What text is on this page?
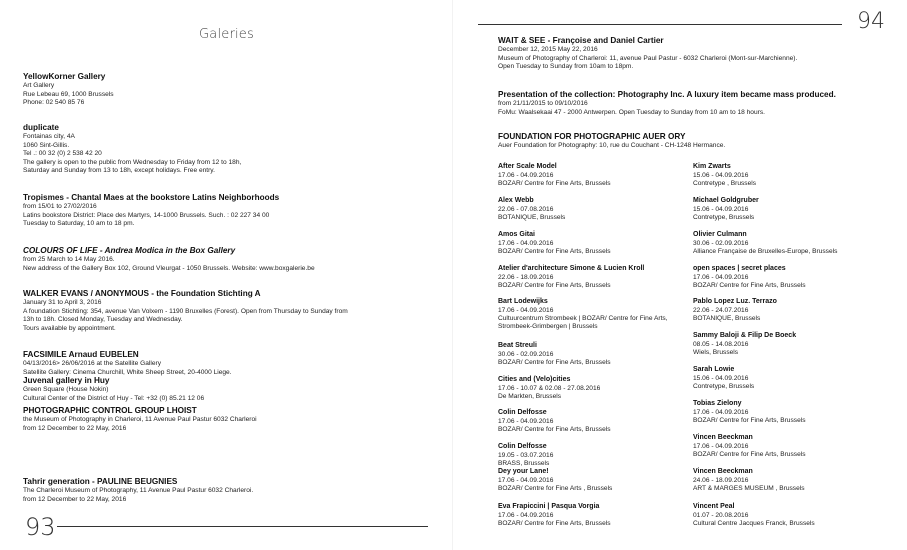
Galeries
YellowKorner Gallery
Art Gallery
Rue Lebeau 69, 1000 Brussels
Phone: 02 540 85 76
duplicate
Fontainas city, 4A
1060 Sint-Gillis.
Tel .: 00 32 (0) 2 538 42 20
The gallery is open to the public from Wednesday to Friday from 12 to 18h,
Saturday and Sunday from 13 to 18h, except holidays. Free entry.
Tropismes - Chantal Maes at the bookstore Latins Neighborhoods
from 15/01 to 27/02/2016
Latins bookstore District: Place des Martyrs, 14-1000 Brussels. Such. : 02 227 34 00
Tuesday to Saturday, 10 am to 18 pm.
COLOURS OF LIFE - Andrea Modica in the Box Gallery
from 25 March to 14 May 2016.
New address of the Gallery Box 102, Ground Vleurgat - 1050 Brussels. Website: www.boxgalerie.be
WALKER EVANS / ANONYMOUS - the Foundation Stichting A
January 31 to April 3, 2016
A foundation Stichting: 354, avenue Van Volxem - 1190 Bruxelles (Forest). Open from Thursday to Sunday from
13h to 18h. Closed Monday, Tuesday and Wednesday.
Tours available by appointment.
FACSIMILE Arnaud EUBELEN
04/13/2016> 26/06/2016 at the Satellite Gallery
Satellite Gallery: Cinema Churchill, White Sheep Street, 20-4000 Liege.
Juvenal gallery in Huy
Green Square (House Nokin)
Cultural Center of the District of Huy - Tel: +32 (0) 85.21 12 06
PHOTOGRAPHIC CONTROL GROUP LHOIST
the Museum of Photography in Charleroi, 11 Avenue Paul Pastur 6032 Charleroi
from 12 December to 22 May, 2016
Tahrir generation - PAULINE BEUGNIES
The Charleroi Museum of Photography, 11 Avenue Paul Pastur 6032 Charleroi.
from 12 December to 22 May, 2016
93
94
WAIT & SEE - Françoise and Daniel Cartier
December 12, 2015 May 22, 2016
Museum of Photography of Charleroi: 11, avenue Paul Pastur - 6032 Charleroi (Mont-sur-Marchienne).
Open Tuesday to Sunday from 10am to 18pm.
Presentation of the collection: Photography Inc. A luxury item became mass produced.
from 21/11/2015 to 09/10/2016
FoMu: Waalsekaai 47 - 2000 Antwerpen. Open Tuesday to Sunday from 10 am to 18 hours.
FOUNDATION FOR PHOTOGRAPHIC AUER ORY
Auer Foundation for Photography: 10, rue du Couchant - CH-1248 Hermance.
After Scale Model
17.06 - 04.09.2016
BOZAR/ Centre for Fine Arts, Brussels
Alex Webb
22.06 - 07.08.2016
BOTANIQUE, Brussels
Amos Gitai
17.06 - 04.09.2016
BOZAR/ Centre for Fine Arts, Brussels
Atelier d'architecture Simone & Lucien Kroll
22.06 - 18.09.2016
BOZAR/ Centre for Fine Arts, Brussels
Bart Lodewijks
17.06 - 04.09.2016
Cultuurcentrum Strombeek | BOZAR/ Centre for Fine Arts, Strombeek-Grimbergen | Brussels
Beat Streuli
30.06 - 02.09.2016
BOZAR/ Centre for Fine Arts, Brussels
Cities and (Velo)cities
17.06 - 10.07 & 02.08 - 27.08.2016
De Markten, Brussels
Colin Delfosse
17.06 - 04.09.2016
BOZAR/ Centre for Fine Arts, Brussels
Colin Delfosse
19.05 - 03.07.2016
BRASS, Brussels
Dey your Lane!
17.06 - 04.09.2016
BOZAR/ Centre for Fine Arts , Brussels
Eva Frapiccini | Pasqua Vorgia
17.06 - 04.09.2016
BOZAR/ Centre for Fine Arts, Brussels
Kim Zwarts
15.06 - 04.09.2016
Contretype , Brussels
Michael Goldgruber
15.06 - 04.09.2016
Contretype, Brussels
Olivier Culmann
30.06 - 02.09.2016
Alliance Française de Bruxelles-Europe, Brussels
open spaces | secret places
17.06 - 04.09.2016
BOZAR/ Centre for Fine Arts, Brussels
Pablo Lopez Luz. Terrazo
22.06 - 24.07.2016
BOTANIQUE, Brussels
Sammy Baloji & Filip De Boeck
08.05 - 14.08.2016
Wiels, Brussels
Sarah Lowie
15.06 - 04.09.2016
Contretype, Brussels
Tobias Zielony
17.06 - 04.09.2016
BOZAR/ Centre for Fine Arts, Brussels
Vincen Beeckman
17.06 - 04.09.2016
BOZAR/ Centre for Fine Arts, Brussels
Vincen Beeckman
24.06 - 18.09.2016
ART & MARGES MUSEUM , Brussels
Vincent Peal
01.07 - 20.08.2016
Cultural Centre Jacques Franck, Brussels
